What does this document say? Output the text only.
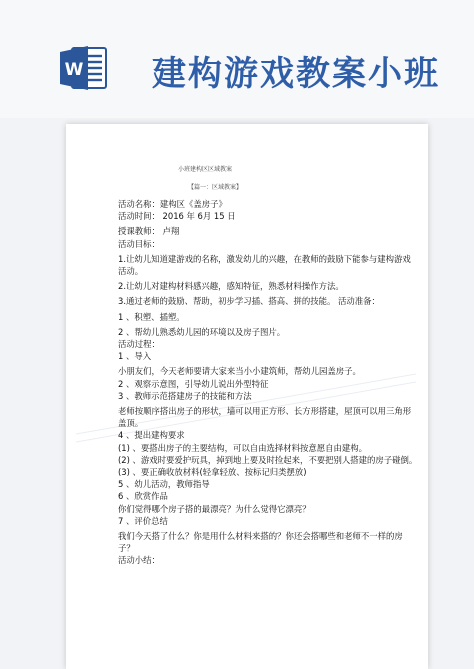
W 建构游戏教案小班
小班建构区区域教案
【篇一：区域教案】

活动名称：建构区《盖房子》

活动时间： 2016 年 6月 15 日

授课教师： 卢翔

活动目标：

1.让幼儿知道建游戏的名称，激发幼儿的兴趣，在教师的鼓励下能参与建构游戏活动。

2.让幼儿对建构材料感兴趣，感知特征，熟悉材料操作方法。

3.通过老师的鼓励、帮助，初步学习插、搭高、拼的技能。 活动准备：

1 、积塑、插塑。

2 、帮幼儿熟悉幼儿园的环境以及房子图片。

活动过程：

1 、导入

小朋友们，今天老师要请大家来当小小建筑师，帮幼儿园盖房子。

2 、观察示意图，引导幼儿说出外型特征

3 、教师示范搭建房子的技能和方法

老师按顺序搭出房子的形状，墙可以用正方形、长方形搭建，屋顶可以用三角形盖顶。

4 、提出建构要求

(1) 、要搭出房子的主要结构，可以自由选择材料按意愿自由建构。

(2) 、游戏时要爱护玩具，掉到地上要及时捡起来，不要把别人搭建的房子碰倒。

(3) 、要正确收放材料(轻拿轻放、按标记归类摆放)

5 、幼儿活动，教师指导

6 、欣赏作品

你们觉得哪个房子搭的最漂亮？为什么觉得它漂亮？

7 、评价总结

我们今天搭了什么？你是用什么材料来搭的？你还会搭哪些和老师不一样的房子？

活动小结：
